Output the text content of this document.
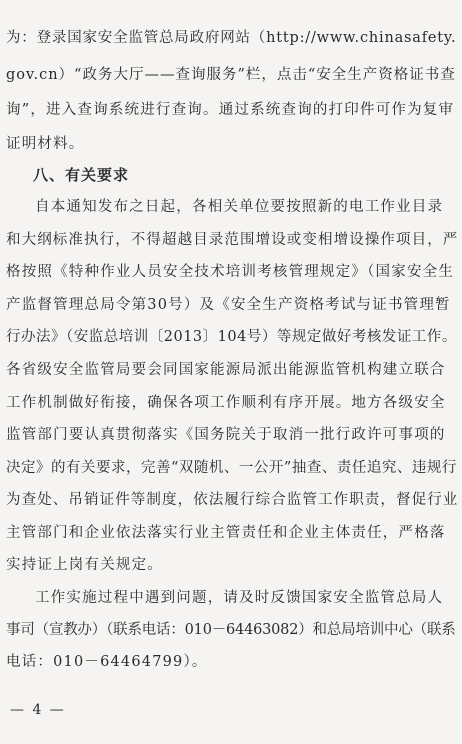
为：登录国家安全监管总局政府网站（http://www.chinasafety.
gov.cn）“政务大厅——查询服务”栏，点击“安全生产资格证书查
询”，进入查询系统进行查询。通过系统查询的打印件可作为复审
证明材料。
八、有关要求
自本通知发布之日起，各相关单位要按照新的电工作业目录
和大纲标准执行，不得超越目录范围增设或变相增设操作项目，严
格按照《特种作业人员安全技术培训考核管理规定》（国家安全生
产监督管理总局令第30号）及《安全生产资格考试与证书管理暂
行办法》（安监总培训〔2013〕104号）等规定做好考核发证工作。
各省级安全监管局要会同国家能源局派出能源监管机构建立联合
工作机制做好衔接，确保各项工作顺利有序开展。地方各级安全
监管部门要认真贯彻落实《国务院关于取消一批行政许可事项的
决定》的有关要求，完善“双随机、一公开”抽查、责任追究、违规行
为查处、吊销证件等制度，依法履行综合监管工作职责，督促行业
主管部门和企业依法落实行业主管责任和企业主体责任，严格落
实持证上岗有关规定。
工作实施过程中遇到问题，请及时反馈国家安全监管总局人
事司（宣教办）（联系电话：010－64463082）和总局培训中心（联系
电话：010－64464799）。
— 4 —
